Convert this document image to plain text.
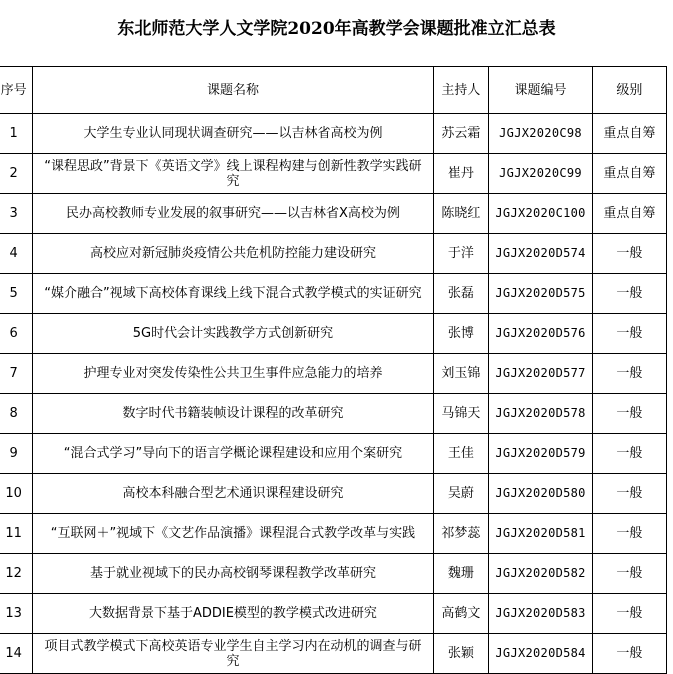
东北师范大学人文学院2020年高教学会课题批准立汇总表
序号	课题名称	主持人	课题编号	级别
1	大学生专业认同现状调查研究——以吉林省高校为例	苏云霜	JGJX2020C98	重点自筹
2	“课程思政”背景下《英语文学》线上课程构建与创新性教学实践研究	崔丹	JGJX2020C99	重点自筹
3	民办高校教师专业发展的叙事研究——以吉林省X高校为例	陈晓红	JGJX2020C100	重点自筹
4	高校应对新冠肺炎疫情公共危机防控能力建设研究	于洋	JGJX2020D574	一般
5	“媒介融合”视域下高校体育课线上线下混合式教学模式的实证研究	张磊	JGJX2020D575	一般
6	5G时代会计实践教学方式创新研究	张博	JGJX2020D576	一般
7	护理专业对突发传染性公共卫生事件应急能力的培养	刘玉锦	JGJX2020D577	一般
8	数字时代书籍装帧设计课程的改革研究	马锦天	JGJX2020D578	一般
9	“混合式学习”导向下的语言学概论课程建设和应用个案研究	王佳	JGJX2020D579	一般
10	高校本科融合型艺术通识课程建设研究	吴蔚	JGJX2020D580	一般
11	“互联网＋”视域下《文艺作品演播》课程混合式教学改革与实践	祁梦蕊	JGJX2020D581	一般
12	基于就业视域下的民办高校钢琴课程教学改革研究	魏珊	JGJX2020D582	一般
13	大数据背景下基于ADDIE模型的教学模式改进研究	高鹤文	JGJX2020D583	一般
14	项目式教学模式下高校英语专业学生自主学习内在动机的调查与研究	张颖	JGJX2020D584	一般
